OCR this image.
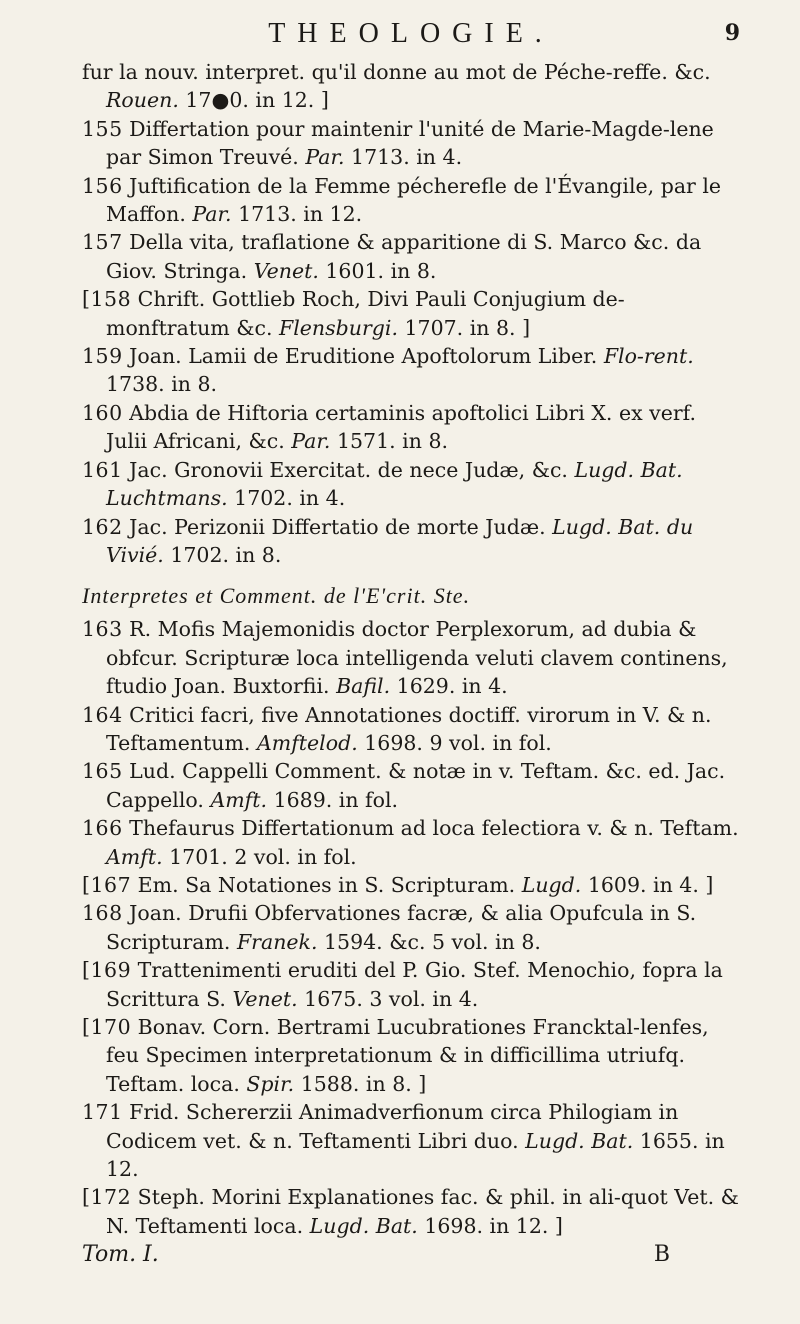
THEOLOGIE.	9

fur la nouv. interpret. qu'il donne au mot de Péche-reffe. &c. Rouen. 17●0. in 12. ]

155 Differtation pour maintenir l'unité de Marie-Magde-lene par Simon Treuvé. Par. 1713. in 4.

156 Juftification de la Femme pécherefle de l'Évangile, par le Maffon. Par. 1713. in 12.

157 Della vita, traflatione & apparitione di S. Marco &c. da Giov. Stringa. Venet. 1601. in 8.

[158 Chrift. Gottlieb Roch, Divi Pauli Conjugium de-monftratum &c. Flensburgi. 1707. in 8. ]

159 Joan. Lamii de Eruditione Apoftolorum Liber. Flo-rent. 1738. in 8.

160 Abdia de Hiftoria certaminis apoftolici Libri X. ex verf. Julii Africani, &c. Par. 1571. in 8.

161 Jac. Gronovii Exercitat. de nece Judæ, &c. Lugd. Bat. Luchtmans. 1702. in 4.

162 Jac. Perizonii Differtatio de morte Judæ. Lugd. Bat. du Vivié. 1702. in 8.

Interpretes et Comment. de l'E'crit. Ste.

163 R. Mofis Majemonidis doctor Perplexorum, ad dubia & obfcur. Scripturæ loca intelligenda veluti clavem continens, ftudio Joan. Buxtorfii. Bafil. 1629. in 4.

164 Critici facri, five Annotationes doctiff. virorum in V. & n. Teftamentum. Amftelod. 1698. 9 vol. in fol.

165 Lud. Cappelli Comment. & notæ in v. Teftam. &c. ed. Jac. Cappello. Amft. 1689. in fol.

166 Thefaurus Differtationum ad loca felectiora v. & n. Teftam. Amft. 1701. 2 vol. in fol.

[167 Em. Sa Notationes in S. Scripturam. Lugd. 1609. in 4. ]

168 Joan. Drufii Obfervationes facræ, & alia Opufcula in S. Scripturam. Franek. 1594. &c. 5 vol. in 8.

[169 Trattenimenti eruditi del P. Gio. Stef. Menochio, fopra la Scrittura S. Venet. 1675. 3 vol. in 4.

[170 Bonav. Corn. Bertrami Lucubrationes Francktal-lenfes, feu Specimen interpretationum & in difficillima utriufq. Teftam. loca. Spir. 1588. in 8. ]

171 Frid. Schererzii Animadverfionum circa Philogiam in Codicem vet. & n. Teftamenti Libri duo. Lugd. Bat. 1655. in 12.

[172 Steph. Morini Explanationes fac. & phil. in ali-quot Vet. & N. Teftamenti loca. Lugd. Bat. 1698. in 12. ]

Tom. I.	B
